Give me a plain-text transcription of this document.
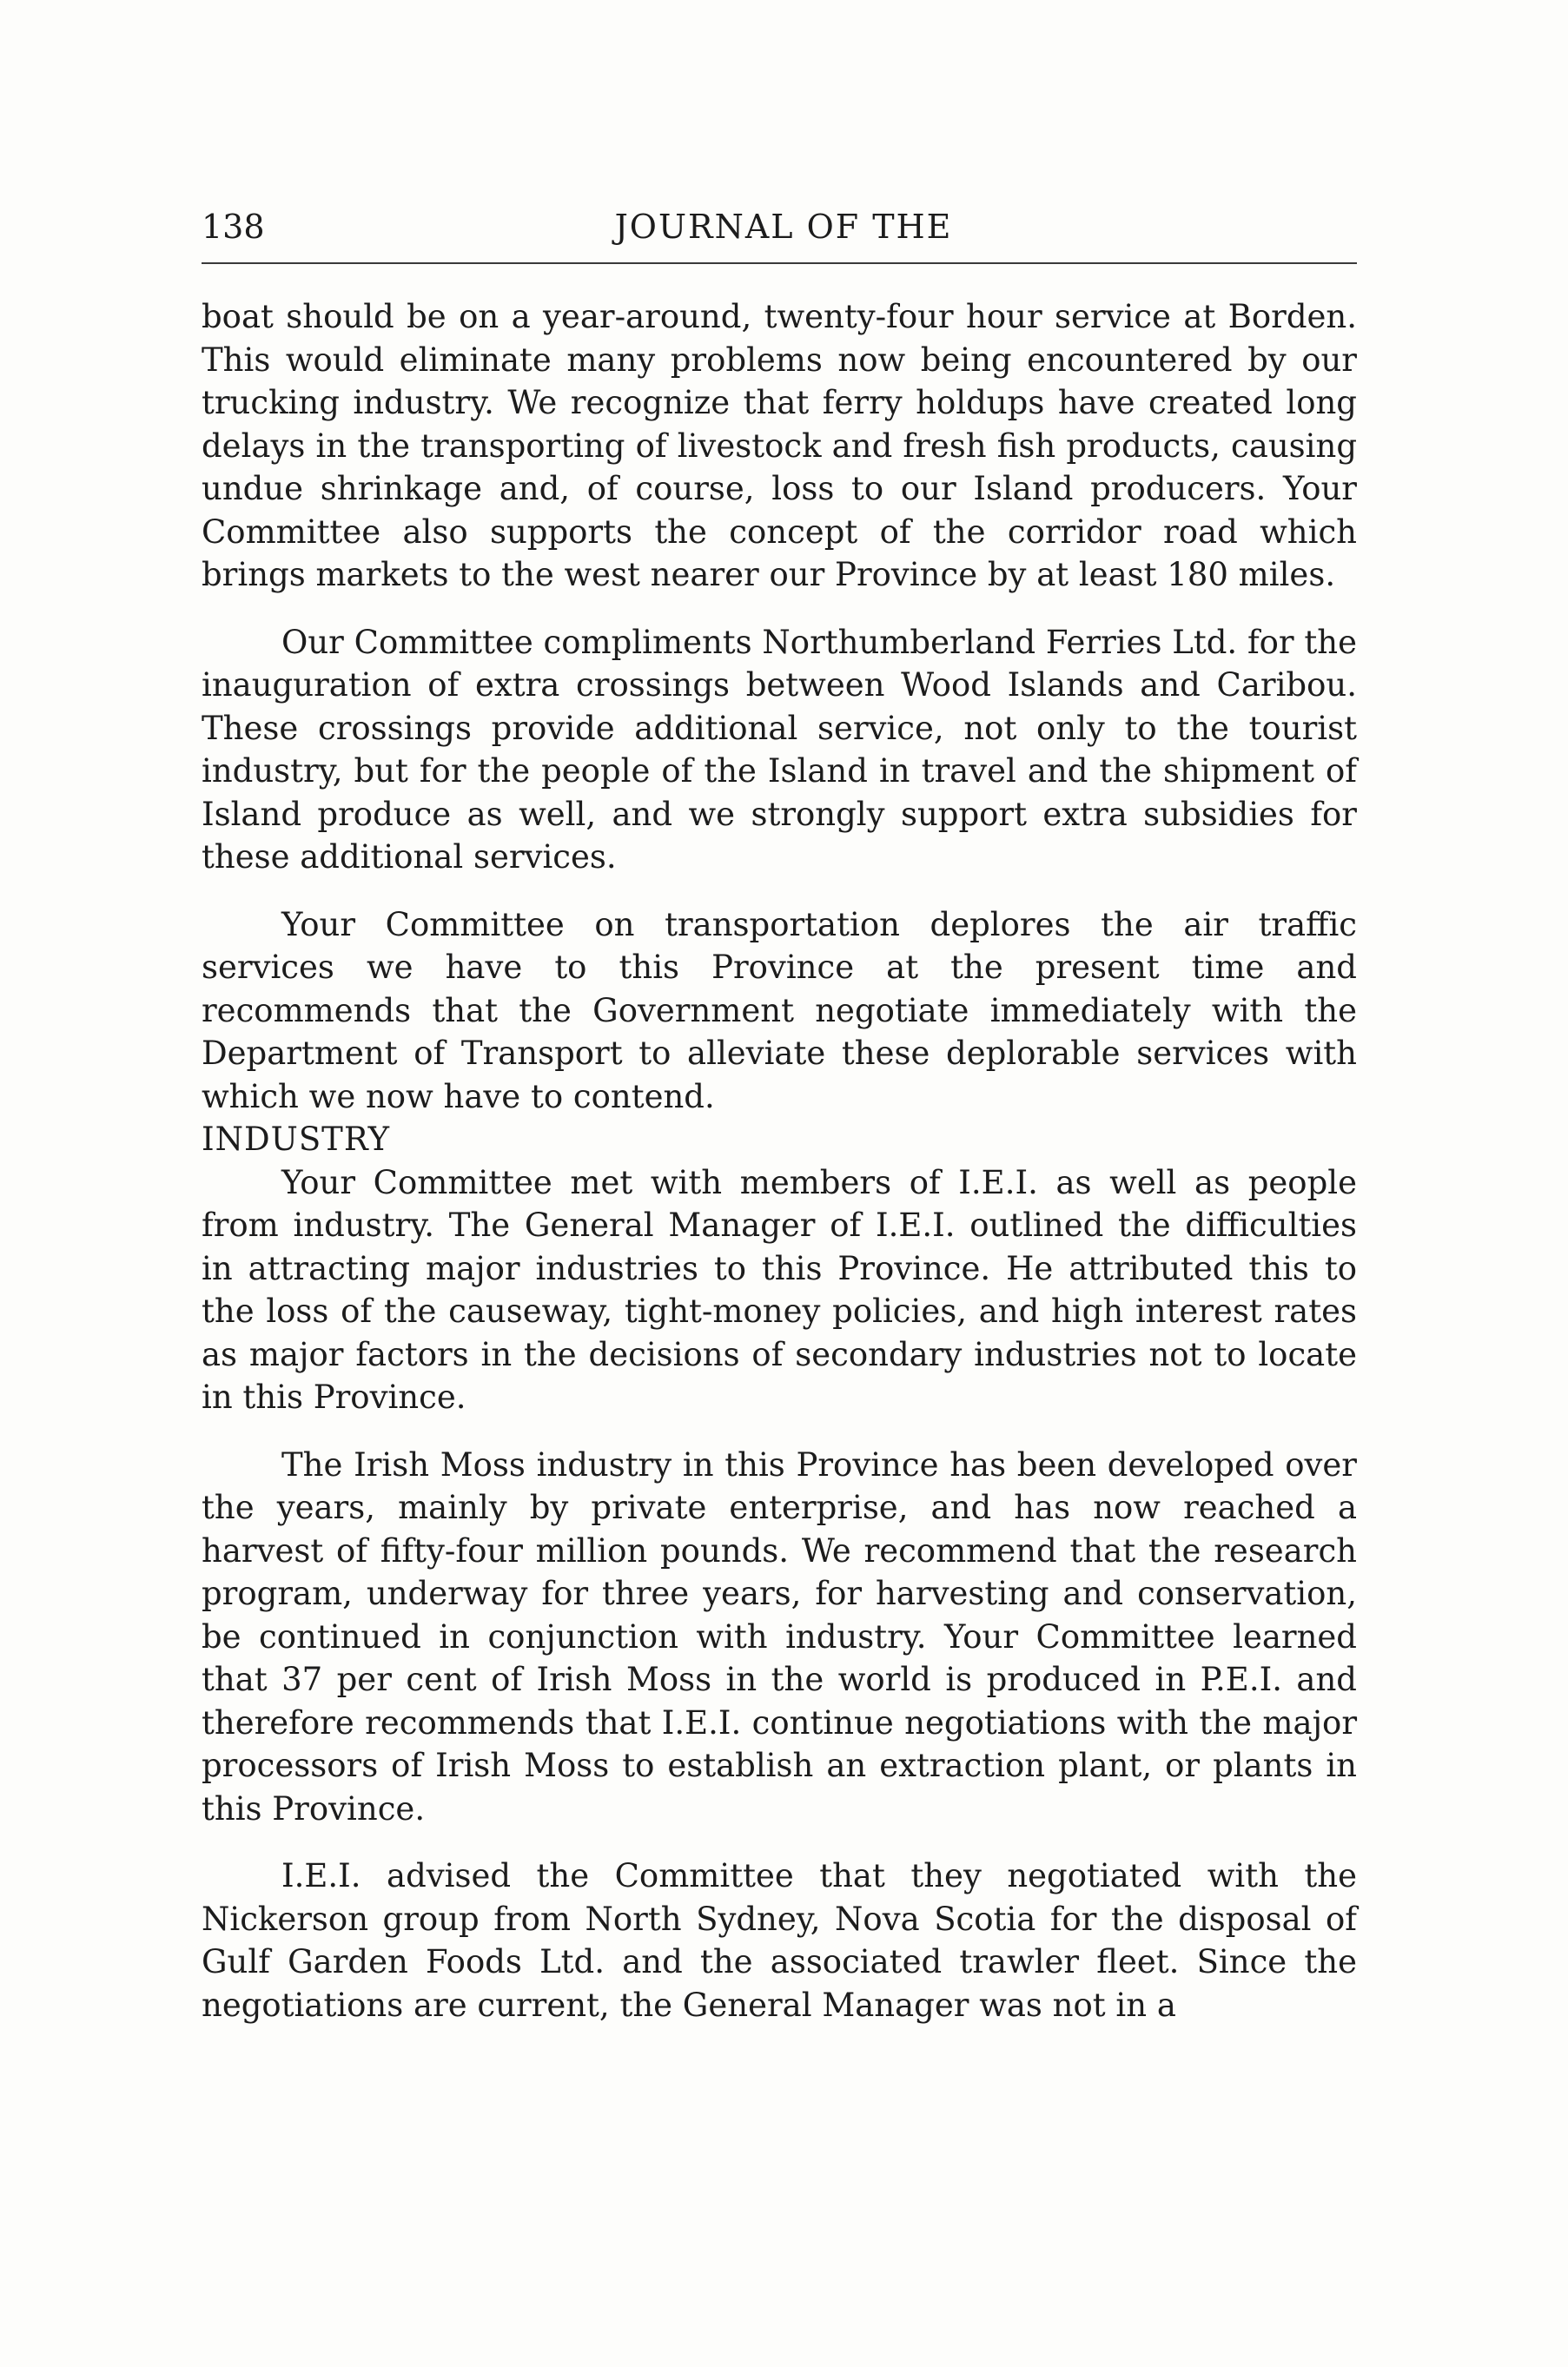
138	JOURNAL OF THE

boat should be on a year-around, twenty-four hour service at Borden. This would eliminate many problems now being encountered by our trucking industry. We recognize that ferry holdups have created long delays in the transporting of livestock and fresh fish products, causing undue shrinkage and, of course, loss to our Island producers. Your Committee also supports the concept of the corridor road which brings markets to the west nearer our Province by at least 180 miles.

Our Committee compliments Northumberland Ferries Ltd. for the inauguration of extra crossings between Wood Islands and Caribou. These crossings provide additional service, not only to the tourist industry, but for the people of the Island in travel and the shipment of Island produce as well, and we strongly support extra subsidies for these additional services.

Your Committee on transportation deplores the air traffic services we have to this Province at the present time and recommends that the Government negotiate immediately with the Department of Transport to alleviate these deplorable services with which we now have to contend.

INDUSTRY

Your Committee met with members of I.E.I. as well as people from industry. The General Manager of I.E.I. outlined the difficulties in attracting major industries to this Province. He attributed this to the loss of the causeway, tight-money policies, and high interest rates as major factors in the decisions of secondary industries not to locate in this Province.

The Irish Moss industry in this Province has been developed over the years, mainly by private enterprise, and has now reached a harvest of fifty-four million pounds. We recommend that the research program, underway for three years, for harvesting and conservation, be continued in conjunction with industry. Your Committee learned that 37 per cent of Irish Moss in the world is produced in P.E.I. and therefore recommends that I.E.I. continue negotiations with the major processors of Irish Moss to establish an extraction plant, or plants in this Province.

I.E.I. advised the Committee that they negotiated with the Nickerson group from North Sydney, Nova Scotia for the disposal of Gulf Garden Foods Ltd. and the associated trawler fleet. Since the negotiations are current, the General Manager was not in a
